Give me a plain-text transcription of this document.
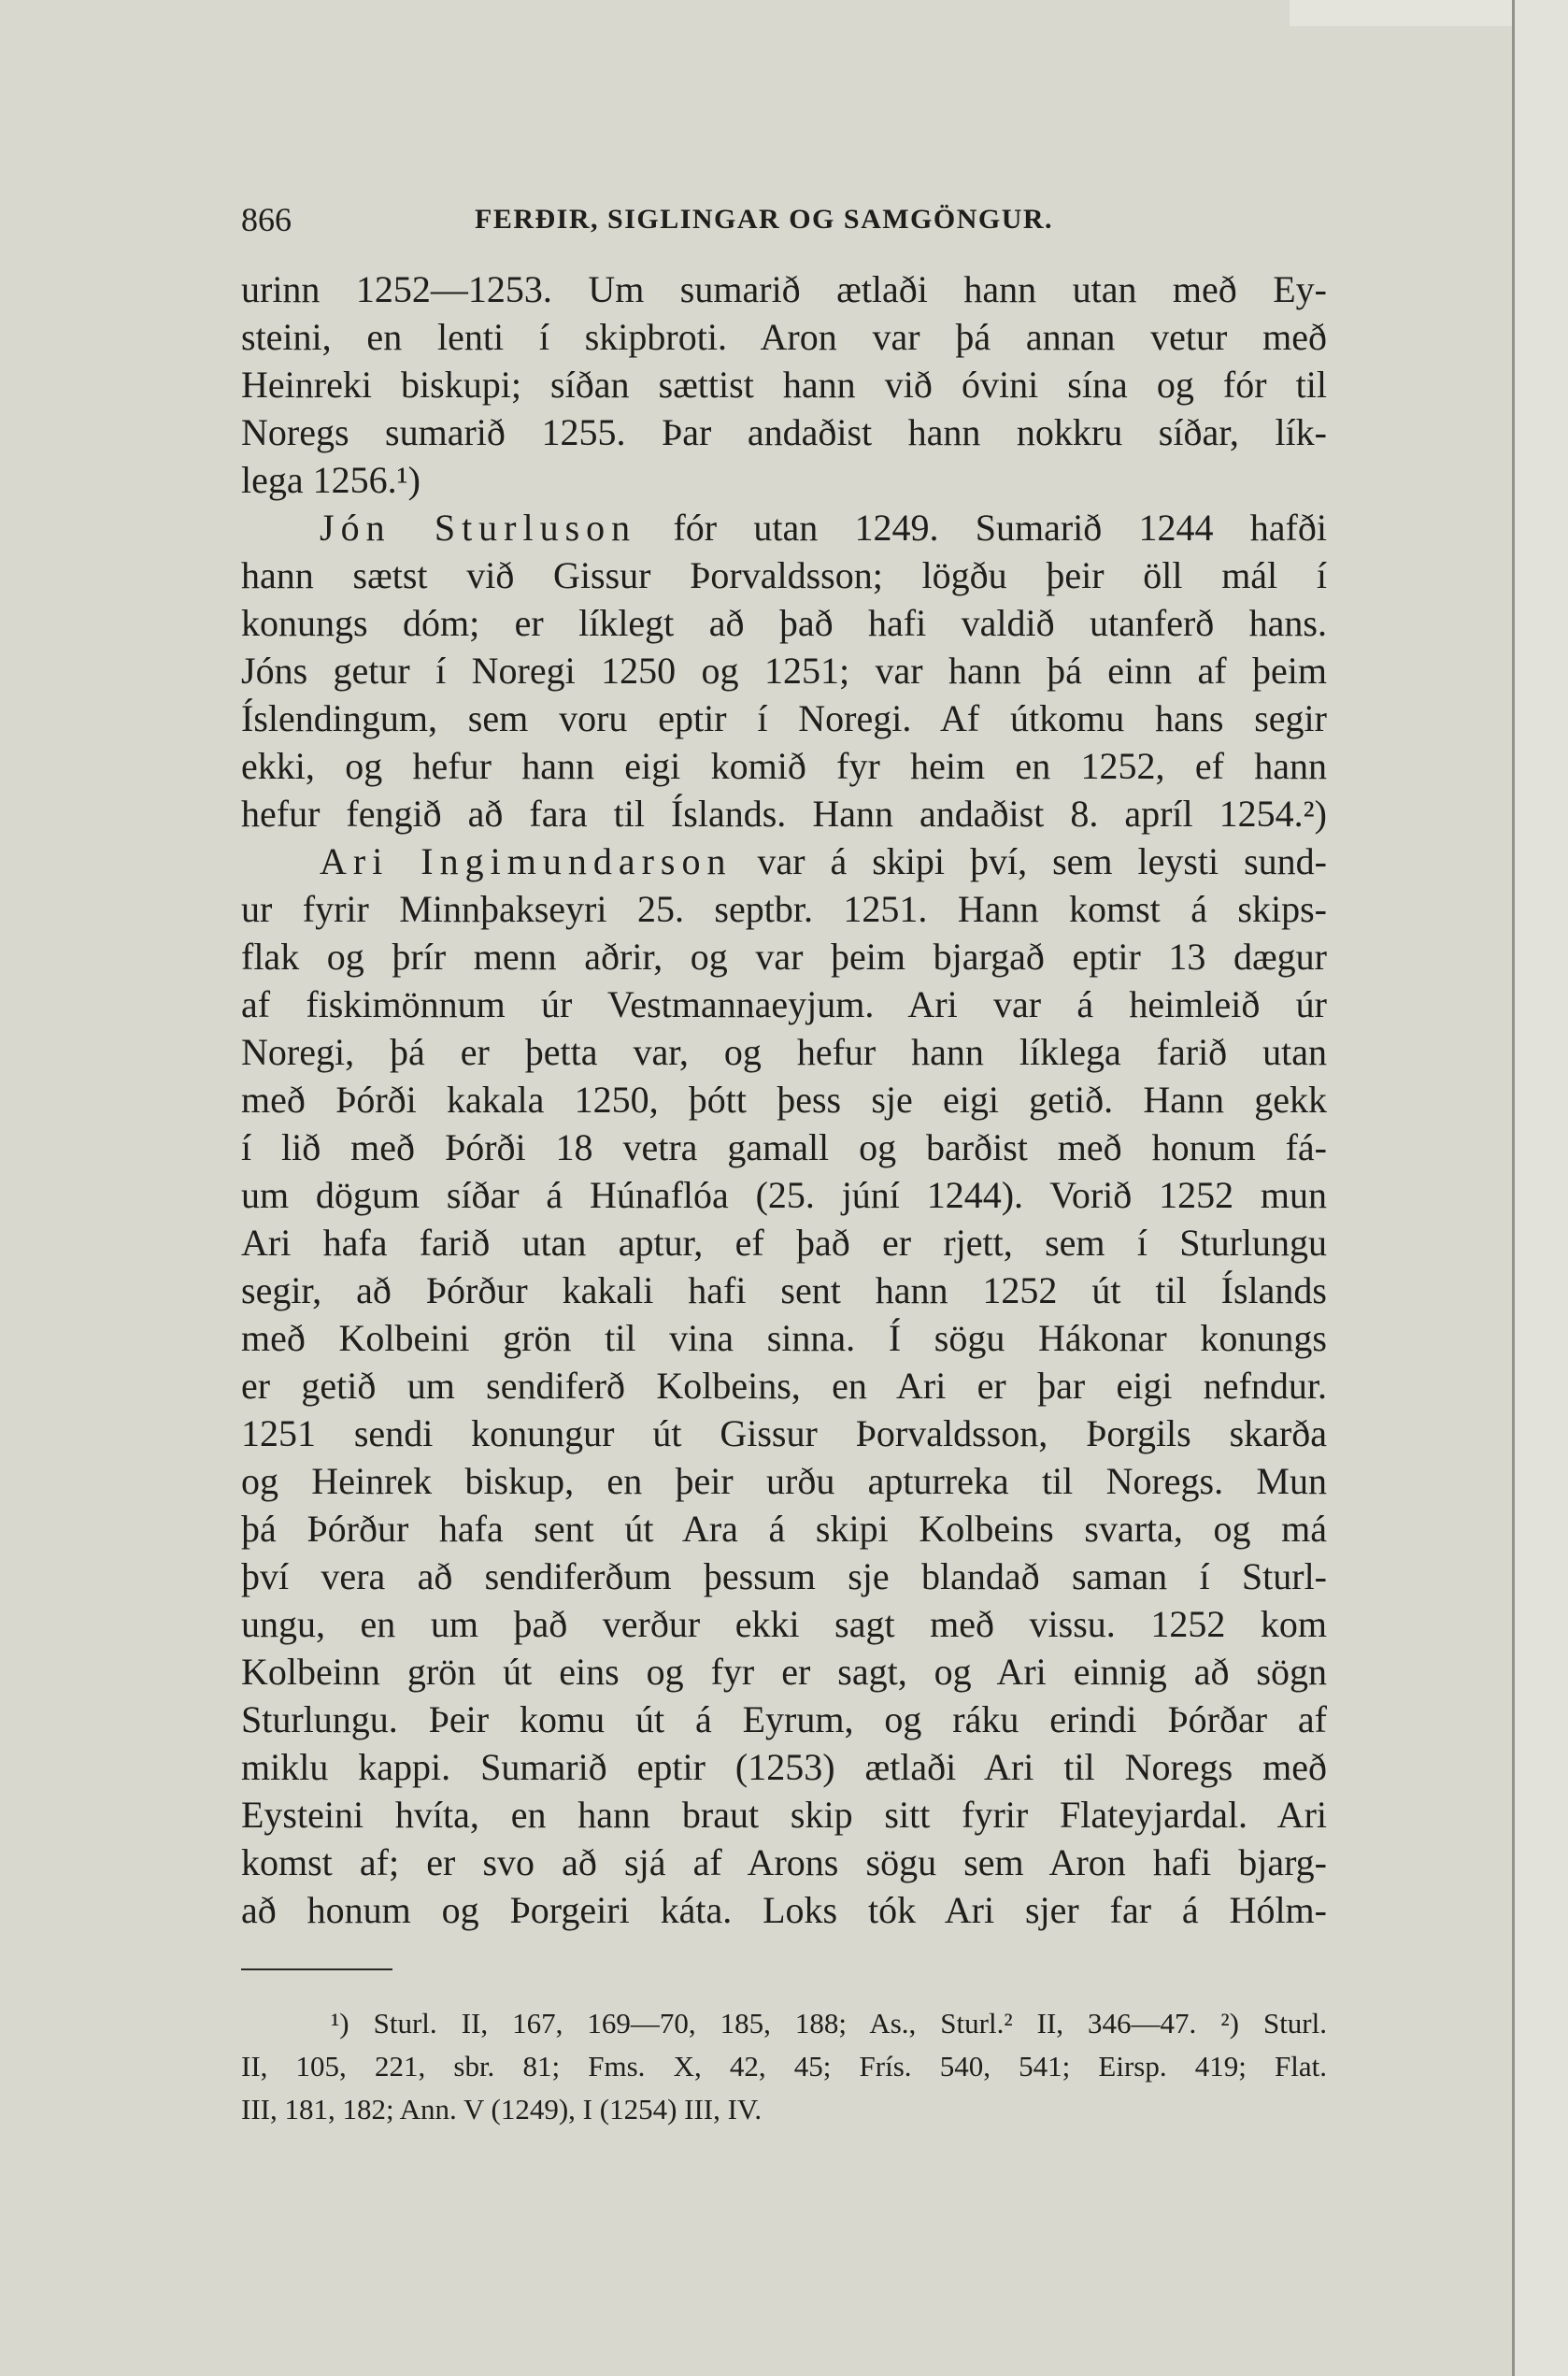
866	FERÐIR, SIGLINGAR OG SAMGÖNGUR.
urinn 1252—1253. Um sumarið ætlaði hann utan með Ey-
steini, en lenti í skipbroti. Aron var þá annan vetur með
Heinreki biskupi; síðan sættist hann við óvini sína og fór til
Noregs sumarið 1255. Þar andaðist hann nokkru síðar, lík-
lega 1256.¹)
Jón Sturluson fór utan 1249. Sumarið 1244 hafði
hann sætst við Gissur Þorvaldsson; lögðu þeir öll mál í
konungs dóm; er líklegt að það hafi valdið utanferð hans.
Jóns getur í Noregi 1250 og 1251; var hann þá einn af þeim
Íslendingum, sem voru eptir í Noregi. Af útkomu hans segir
ekki, og hefur hann eigi komið fyr heim en 1252, ef hann
hefur fengið að fara til Íslands. Hann andaðist 8. apríl 1254.²)
Ari Ingimundarson var á skipi því, sem leysti sund-
ur fyrir Minnþakseyri 25. septbr. 1251. Hann komst á skips-
flak og þrír menn aðrir, og var þeim bjargað eptir 13 dægur
af fiskimönnum úr Vestmannaeyjum. Ari var á heimleið úr
Noregi, þá er þetta var, og hefur hann líklega farið utan
með Þórði kakala 1250, þótt þess sje eigi getið. Hann gekk
í lið með Þórði 18 vetra gamall og barðist með honum fá-
um dögum síðar á Húnaflóa (25. júní 1244). Vorið 1252 mun
Ari hafa farið utan aptur, ef það er rjett, sem í Sturlungu
segir, að Þórður kakali hafi sent hann 1252 út til Íslands
með Kolbeini grön til vina sinna. Í sögu Hákonar konungs
er getið um sendiferð Kolbeins, en Ari er þar eigi nefndur.
1251 sendi konungur út Gissur Þorvaldsson, Þorgils skarða
og Heinrek biskup, en þeir urðu apturreka til Noregs. Mun
þá Þórður hafa sent út Ara á skipi Kolbeins svarta, og má
því vera að sendiferðum þessum sje blandað saman í Sturl-
ungu, en um það verður ekki sagt með vissu. 1252 kom
Kolbeinn grön út eins og fyr er sagt, og Ari einnig að sögn
Sturlungu. Þeir komu út á Eyrum, og ráku erindi Þórðar af
miklu kappi. Sumarið eptir (1253) ætlaði Ari til Noregs með
Eysteini hvíta, en hann braut skip sitt fyrir Flateyjardal. Ari
komst af; er svo að sjá af Arons sögu sem Aron hafi bjarg-
að honum og Þorgeiri káta. Loks tók Ari sjer far á Hólm-
¹) Sturl. II, 167, 169—70, 185, 188; As., Sturl.² II, 346—47. ²) Sturl.
II, 105, 221, sbr. 81; Fms. X, 42, 45; Frís. 540, 541; Eirsp. 419; Flat.
III, 181, 182; Ann. V (1249), I (1254) III, IV.
